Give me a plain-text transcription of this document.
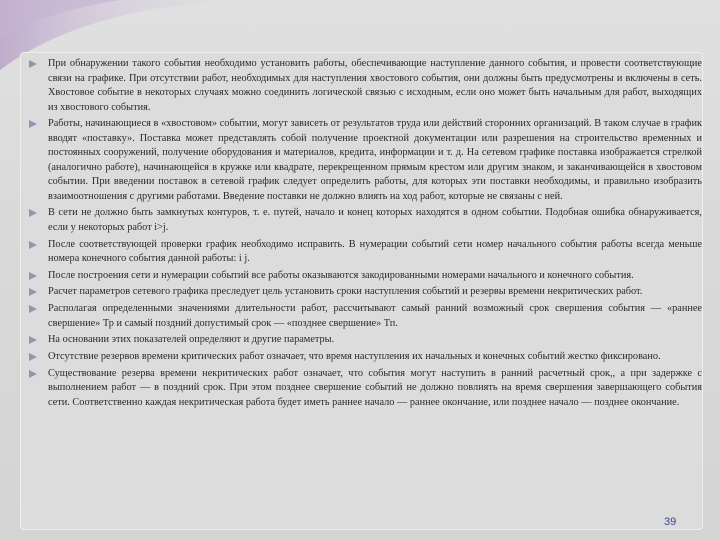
При обнаружении такого события необходимо установить работы, обеспечивающие наступление данного события, и провести соответствующие связи на графике. При отсутствии работ, необходимых для наступления хвостового события, они должны быть предусмотрены и включены в сеть. Хвостовое событие в некоторых случаях можно соединить логической связью с исходным, если оно может быть начальным для работ, выходящих из хвостового события.
Работы, начинающиеся в «хвостовом» событии, могут зависеть от результатов труда или действий сторонних организаций. В таком случае в график вводят «поставку». Поставка может представлять собой получение проектной документации или разрешения на строительство временных и постоянных сооружений, получение оборудования и материалов, кредита, информации и т. д. На сетевом графике поставка изображается стрелкой (аналогично работе), начинающейся в кружке или квадрате, перекрещенном прямым крестом или другим знаком, и заканчивающейся в хвостовом событии. При введении поставок в сетевой график следует определить работы, для которых эти поставки необходимы, и правильно изобразить взаимоотношения с другими работами. Введение поставки не должно влиять на ход работ, которые не связаны с ней.
В сети не должно быть замкнутых контуров, т. е. путей, начало и конец которых находятся в одном событии. Подобная ошибка обнаруживается, если у некоторых работ i>j.
После соответствующей проверки график необходимо исправить. В нумерации событий сети номер начального события работы всегда меньше номера конечного события данной работы: i j.
После построения сети и нумерации событий все работы оказываются закодированными номерами начального и конечного события.
Расчет параметров сетевого графика преследует цель установить сроки наступления событий и резервы времени некритических работ.
Располагая определенными значениями длительности работ, рассчитывают самый ранний возможный срок свершения события — «раннее свершение» Тр и самый поздний допустимый срок — «позднее свершение» Тп.
На основании этих показателей определяют и другие параметры.
Отсутствие резервов времени критических работ означает, что время наступления их начальных и конечных событий жестко фиксировано.
Существование резерва времени некритических работ означает, что события могут наступить в ранний расчетный срок,, а при задержке с выполнением работ — в поздний срок. При этом позднее свершение событий не должно повлиять на время свершения завершающего события сети. Соответственно каждая некритическая работа будет иметь раннее начало — раннее окончание, или позднее начало — позднее окончание.
39
